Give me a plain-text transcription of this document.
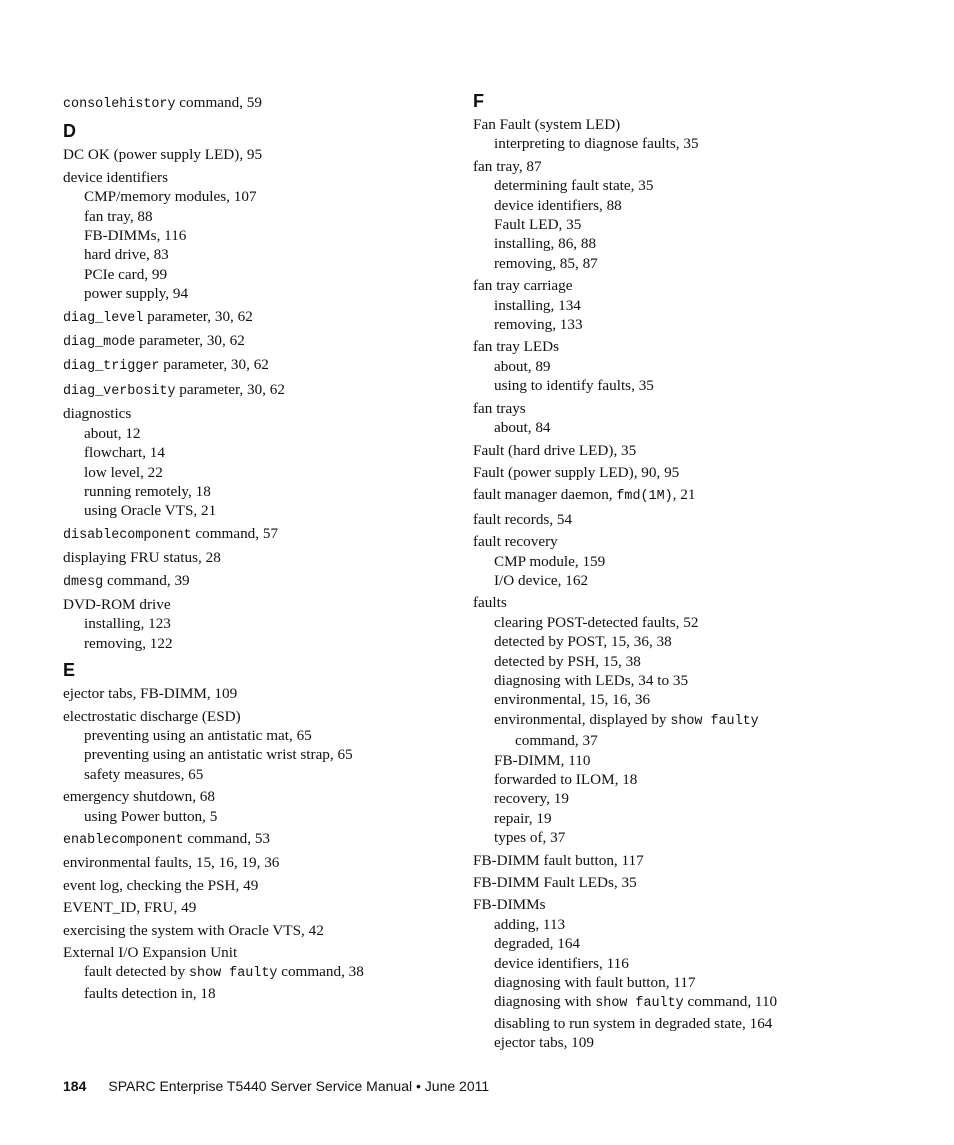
consolehistory command, 59
D
DC OK (power supply LED), 95
device identifiers
CMP/memory modules, 107
fan tray, 88
FB-DIMMs, 116
hard drive, 83
PCIe card, 99
power supply, 94
diag_level parameter, 30, 62
diag_mode parameter, 30, 62
diag_trigger parameter, 30, 62
diag_verbosity parameter, 30, 62
diagnostics
about, 12
flowchart, 14
low level, 22
running remotely, 18
using Oracle VTS, 21
disablecomponent command, 57
displaying FRU status, 28
dmesg command, 39
DVD-ROM drive
installing, 123
removing, 122
E
ejector tabs, FB-DIMM, 109
electrostatic discharge (ESD)
preventing using an antistatic mat, 65
preventing using an antistatic wrist strap, 65
safety measures, 65
emergency shutdown, 68
using Power button, 5
enablecomponent command, 53
environmental faults, 15, 16, 19, 36
event log, checking the PSH, 49
EVENT_ID, FRU, 49
exercising the system with Oracle VTS, 42
External I/O Expansion Unit
fault detected by show faulty command, 38
faults detection in, 18
F
Fan Fault (system LED)
interpreting to diagnose faults, 35
fan tray, 87
determining fault state, 35
device identifiers, 88
Fault LED, 35
installing, 86, 88
removing, 85, 87
fan tray carriage
installing, 134
removing, 133
fan tray LEDs
about, 89
using to identify faults, 35
fan trays
about, 84
Fault (hard drive LED), 35
Fault (power supply LED), 90, 95
fault manager daemon, fmd(1M), 21
fault records, 54
fault recovery
CMP module, 159
I/O device, 162
faults
clearing POST-detected faults, 52
detected by POST, 15, 36, 38
detected by PSH, 15, 38
diagnosing with LEDs, 34 to 35
environmental, 15, 16, 36
environmental, displayed by show faulty
command, 37
FB-DIMM, 110
forwarded to ILOM, 18
recovery, 19
repair, 19
types of, 37
FB-DIMM fault button, 117
FB-DIMM Fault LEDs, 35
FB-DIMMs
adding, 113
degraded, 164
device identifiers, 116
diagnosing with fault button, 117
diagnosing with show faulty command, 110
disabling to run system in degraded state, 164
ejector tabs, 109
184 SPARC Enterprise T5440 Server Service Manual • June 2011
